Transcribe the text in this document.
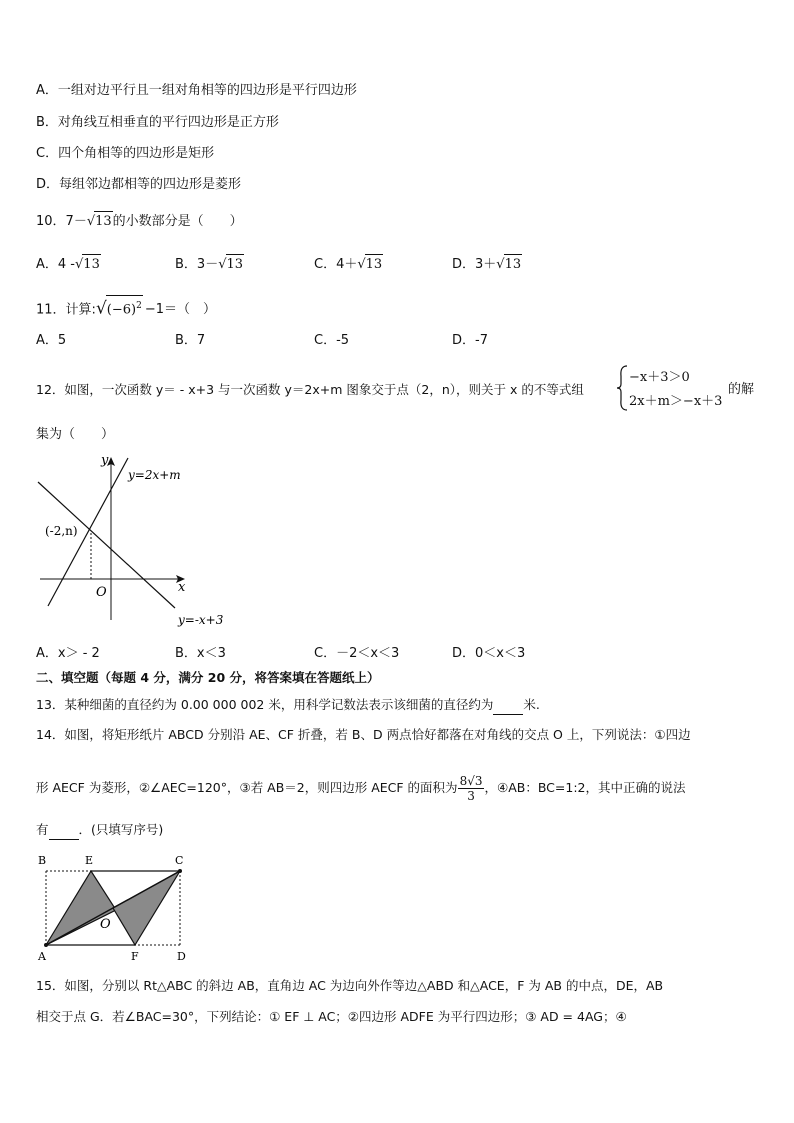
A．一组对边平行且一组对角相等的四边形是平行四边形
B．对角线互相垂直的平行四边形是正方形
C．四个角相等的四边形是矩形
D．每组邻边都相等的四边形是菱形
10．7－√13的小数部分是（　　）
A．4 -√13	B．3－√13	C．4＋√13	D．3＋√13
11．计算$:√(-6)^2 -1=$（　）
A．5	B．7	C．-5	D．-7
12．如图，一次函数 y＝ - x+3 与一次函数 y＝2x+m 图象交于点（2，n），则关于 x 的不等式组
−x＋3＞0
2x＋m＞−x＋3
的解
集为（　　）
y
x
O
y=2x+m
(-2,n)
y=-x+3
A．x＞ - 2	B．x＜3	C．－2＜x＜3	D．0＜x＜3
二、填空题（每题 4 分，满分 20 分，将答案填在答题纸上）
13．某种细菌的直径约为 0.00 000 002 米，用科学记数法表示该细菌的直径约为 米.
14．如图，将矩形纸片 ABCD 分别沿 AE、CF 折叠，若 B、D 两点恰好都落在对角线的交点 O 上，下列说法：①四边
形 AECF 为菱形，②∠AEC=120°，③若 AB＝2，则四边形 AECF 的面积为 $\frac{8√3}{3}$ ，④AB：BC=1:2，其中正确的说法
有 ．(只填写序号)
B	E	C
O
A	F	D
15．如图，分别以 Rt△ABC 的斜边 AB，直角边 AC 为边向外作等边△ABD 和△ACE，F 为 AB 的中点，DE，AB
相交于点 G．若∠BAC=30°，下列结论：① EF ⊥ AC；②四边形 ADFE 为平行四边形；③ AD = 4AG；④
